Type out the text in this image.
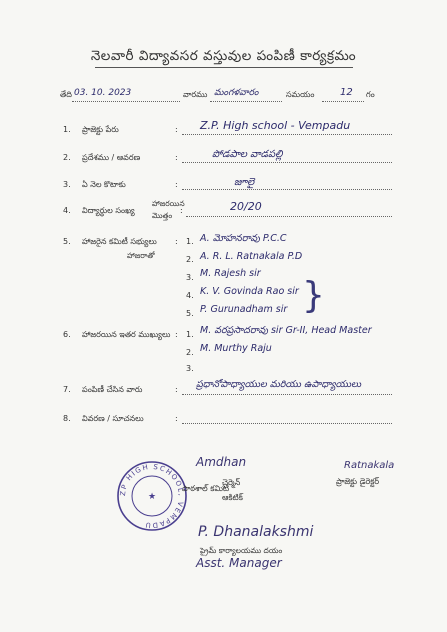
నెలవారీ విద్యావసర వస్తువుల పంపిణీ కార్యక్రమం
తేది 03. 10. 2023	వారము మంగళవారం	సమయం	12 గం
1. ప్రాజెక్టు పేరు	: Z.P. High school - Vempadu
2. ప్రదేశము / ఆవరణ	:	పోడపాల వాడపల్లి
3. ఏ నెల కొటాకు	:	జూలై
4. విద్యార్థుల సంఖ్య
హాజరయిన
మొత్తం
:	20/20
5. హాజరైన కమిటీ సభ్యులు
హాజరాతో
: 1. A. మోహనరావు P.C.C
2. A. R. L. Ratnakala P.D
3. M. Rajesh sir
4. K. V. Govinda Rao sir
5. P. Gurunadham sir }
6. హాజరయిన ఇతర ముఖ్యులు : 1. M. వరప్రసాదరావు sir Gr-II, Head Master
2. M. Murthy Raju
3.
7. పంపిణీ చేసిన వారు	: ప్రధానోపాధ్యాయుల మరియు ఉపాధ్యాయులు
8. వివరణ / సూచనలు	:
ZP HIGH SCHOOL, VEMPADU
★
Amdhan
చైర్మెన్
పాఠశాల్ కమిటీ
ఆకిటిక్
Ratnakala
ప్రాజెక్టు డైరెక్టర్
P. Dhanalakshmi
ప్రైమ్ కార్యాలయము దయం
Asst. Manager
